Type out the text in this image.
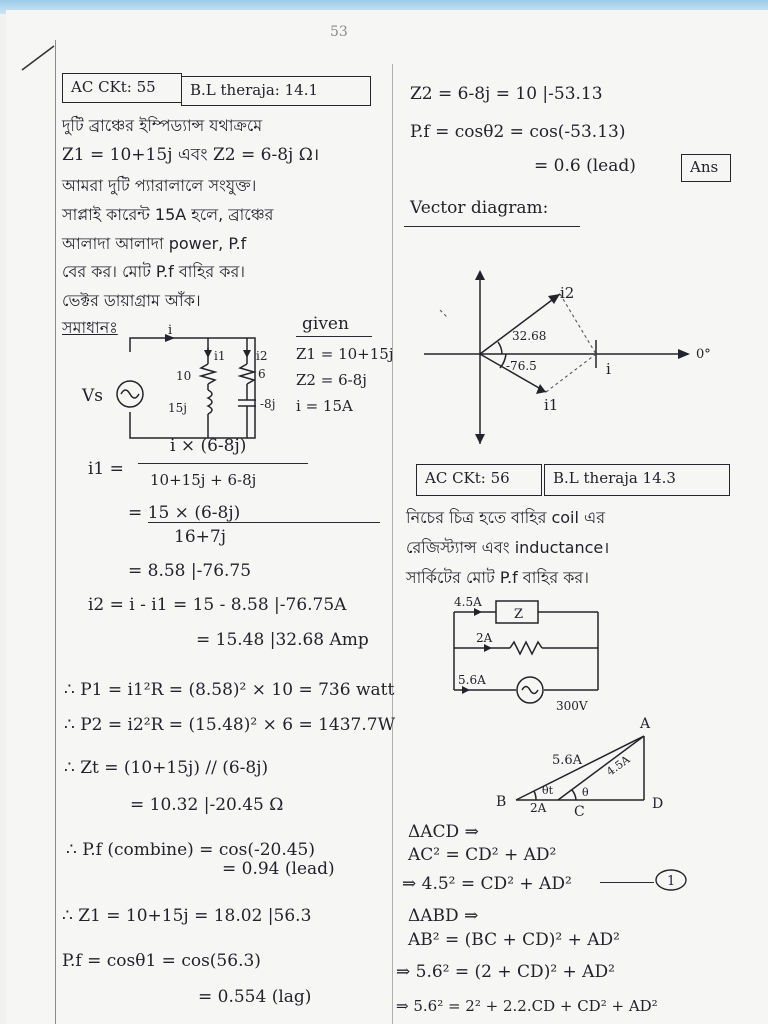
53
AC CKt: 55	B.L theraja: 14.1
দুটি ব্রাঞ্চের ইম্পিড্যান্স যথাক্রমে
Z1 = 10+15j এবং Z2 = 6-8j Ω।
আমরা দুটি প্যারালালে সংযুক্ত।
সাপ্লাই কারেন্ট 15A হলে, ব্রাঞ্চের
আলাদা আলাদা power, P.f
বের কর। মোট P.f বাহির কর।
ভেক্টর ডায়াগ্রাম আঁক।
সমাধানঃ	given
Z1 = 10+15j
Z2 = 6-8j
i = 15A
i
i1	i2
10
15j
6
-8j
Vs
i1 =
i × (6-8j)
10+15j + 6-8j
= 15 × (6-8j)
16+7j
= 8.58 |-76.75
i2 = i - i1 = 15 - 8.58 |-76.75A
= 15.48 |32.68 Amp
∴ P1 = i1²R = (8.58)² × 10 = 736 watt
∴ P2 = i2²R = (15.48)² × 6 = 1437.7W
∴ Zt = (10+15j) // (6-8j)
= 10.32 |-20.45 Ω
∴ P.f (combine) = cos(-20.45)
= 0.94 (lead)
∴ Z1 = 10+15j = 18.02 |56.3
P.f = cosθ1 = cos(56.3)
= 0.554 (lag)
Z2 = 6-8j = 10 |-53.13
P.f = cosθ2 = cos(-53.13)
= 0.6 (lead)	Ans
Vector diagram:
i2
i1
i
32.68
-76.5
0°
AC CKt: 56	B.L theraja 14.3
নিচের চিত্র হতে বাহির coil এর
রেজিস্ট্যান্স এবং inductance।
সার্কিটের মোট P.f বাহির কর।
Z
4.5A
2A
5.6A
300V
A
B
C	D
5.6A 4.5A
2A
θt	θ
ΔACD ⇒
AC² = CD² + AD²
⇒ 4.5² = CD² + AD²	1
ΔABD ⇒
AB² = (BC + CD)² + AD²
⇒ 5.6² = (2 + CD)² + AD²
⇒ 5.6² = 2² + 2.2.CD + CD² + AD²
